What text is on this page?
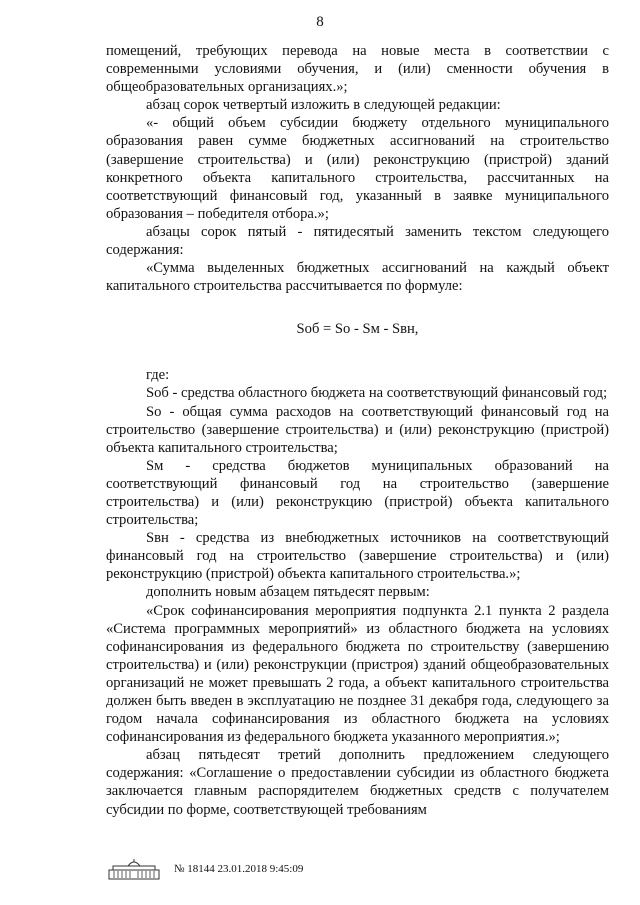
8

помещений, требующих перевода на новые места в соответствии с современными условиями обучения, и (или) сменности обучения в общеобразовательных организациях.»;

абзац сорок четвертый изложить в следующей редакции:

«- общий объем субсидии бюджету отдельного муниципального образования равен сумме бюджетных ассигнований на строительство (завершение строительства) и (или) реконструкцию (пристрой) зданий конкретного объекта капитального строительства, рассчитанных на соответствующий финансовый год, указанный в заявке муниципального образования – победителя отбора.»;

абзацы сорок пятый - пятидесятый заменить текстом следующего содержания:

«Сумма выделенных бюджетных ассигнований на каждый объект капитального строительства рассчитывается по формуле:

Sоб = Sо - Sм - Sвн,

где:

Sоб - средства областного бюджета на соответствующий финансовый год;

Sо - общая сумма расходов на соответствующий финансовый год на строительство (завершение строительства) и (или) реконструкцию (пристрой) объекта капитального строительства;

Sм - средства бюджетов муниципальных образований на соответствующий финансовый год на строительство (завершение строительства) и (или) реконструкцию (пристрой) объекта капитального строительства;

Sвн - средства из внебюджетных источников на соответствующий финансовый год на строительство (завершение строительства) и (или) реконструкцию (пристрой) объекта капитального строительства.»;

дополнить новым абзацем пятьдесят первым:

«Срок софинансирования мероприятия подпункта 2.1 пункта 2 раздела «Система программных мероприятий» из областного бюджета на условиях софинансирования из федерального бюджета по строительству (завершению строительства) и (или) реконструкции (пристроя) зданий общеобразовательных организаций не может превышать 2 года, а объект капитального строительства должен быть введен в эксплуатацию не позднее 31 декабря года, следующего за годом начала софинансирования из областного бюджета на условиях софинансирования из федерального бюджета указанного мероприятия.»;

абзац пятьдесят третий дополнить предложением следующего содержания: «Соглашение о предоставлении субсидии из областного бюджета заключается главным распорядителем бюджетных средств с получателем субсидии по форме, соответствующей требованиям

№ 18144 23.01.2018 9:45:09
